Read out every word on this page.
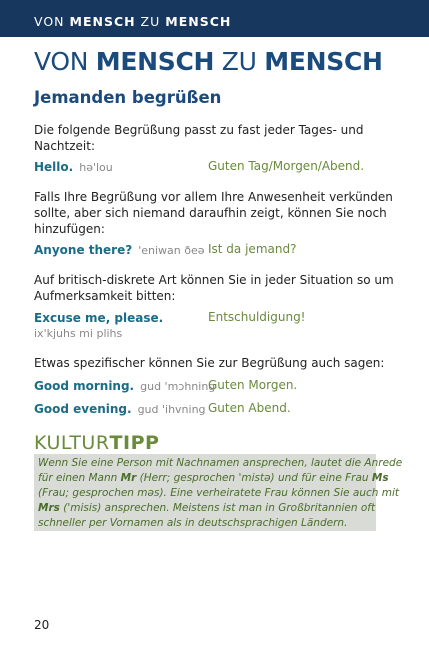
VON MENSCH ZU MENSCH
VON MENSCH ZU MENSCH
Jemanden begrüßen
Die folgende Begrüßung passt zu fast jeder Tages- und
Nachtzeit:
Hello. hə'lou	Guten Tag/Morgen/Abend.
Falls Ihre Begrüßung vor allem Ihre Anwesenheit verkünden
sollte, aber sich niemand daraufhin zeigt, können Sie noch
hinzufügen:
Anyone there? 'eniwan ðeə Ist da jemand?
Auf britisch-diskrete Art können Sie in jeder Situation so um
Aufmerksamkeit bitten:
Excuse me, please.
ix'kjuhs mi plihs
Entschuldigung!
Etwas spezifischer können Sie zur Begrüßung auch sagen:
Good morning. gud 'mɔhning
Guten Morgen.
Good evening. gud 'ihvning Guten Abend.
KULTURTIPP
Wenn Sie eine Person mit Nachnamen ansprechen, lautet die Anrede
für einen Mann Mr (Herr; gesprochen 'mistə) und für eine Frau Ms
(Frau; gesprochen məs). Eine verheiratete Frau können Sie auch mit
Mrs ('misis) ansprechen. Meistens ist man in Großbritannien oft
schneller per Vornamen als in deutschsprachigen Ländern.
20
